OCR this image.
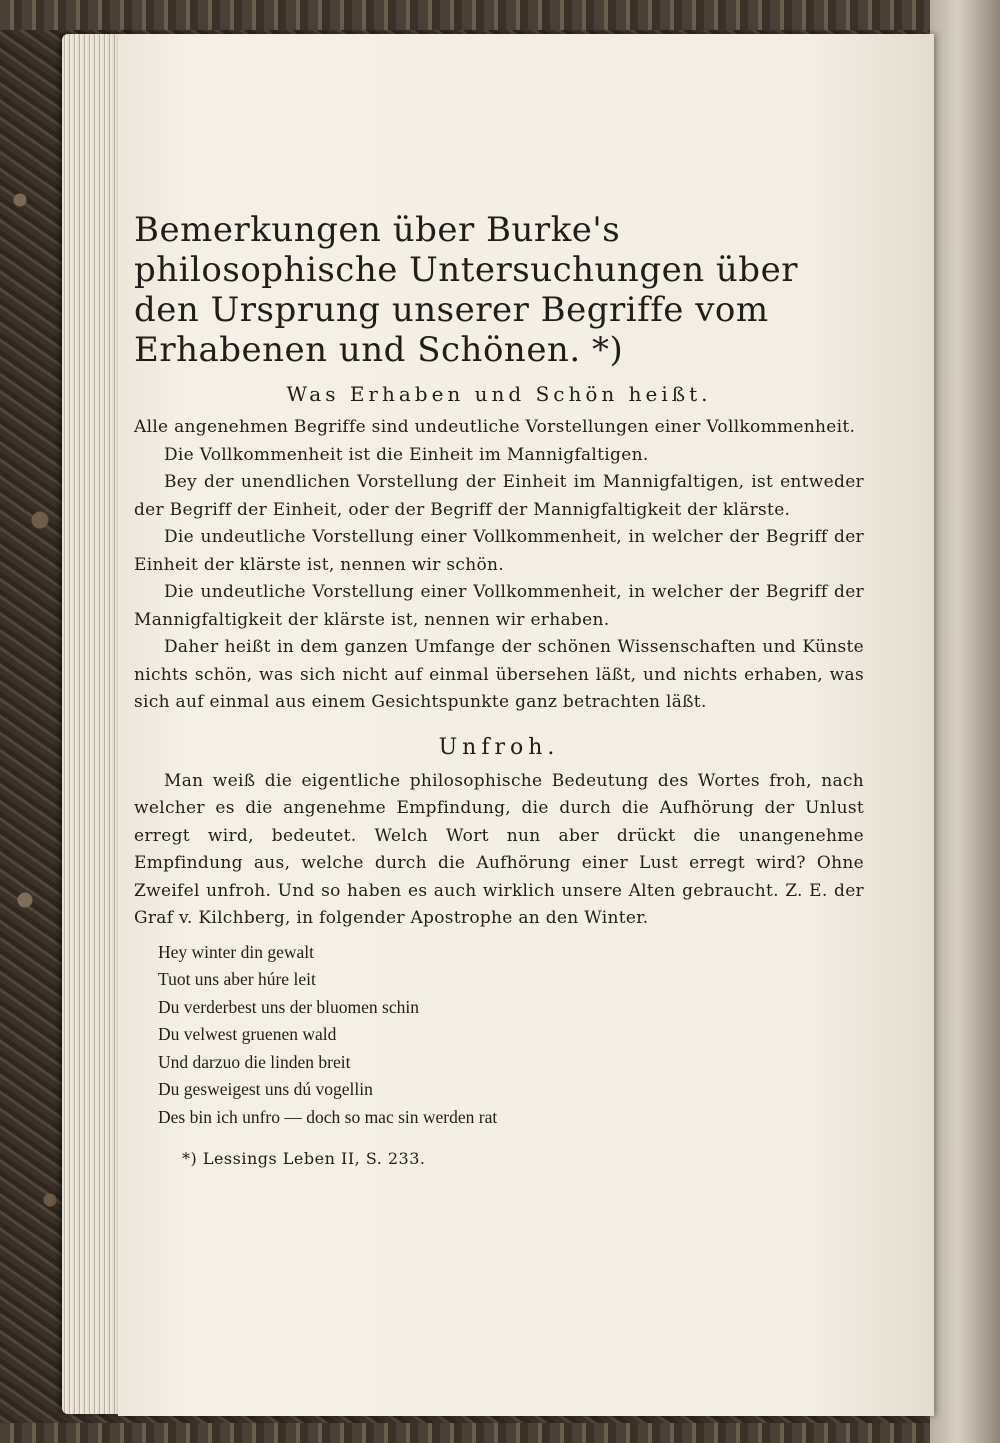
Bemerkungen über Burke's philosophische Untersuchungen über den Ursprung unserer Begriffe vom Erhabenen und Schönen. *)
Was Erhaben und Schön heißt.

Alle angenehmen Begriffe sind undeutliche Vorstellungen einer Vollkommenheit.

Die Vollkommenheit ist die Einheit im Mannigfaltigen.

Bey der unendlichen Vorstellung der Einheit im Mannigfaltigen, ist entweder der Begriff der Einheit, oder der Begriff der Mannigfaltigkeit der klärste.

Die undeutliche Vorstellung einer Vollkommenheit, in welcher der Begriff der Einheit der klärste ist, nennen wir schön.

Die undeutliche Vorstellung einer Vollkommenheit, in welcher der Begriff der Mannigfaltigkeit der klärste ist, nennen wir erhaben.

Daher heißt in dem ganzen Umfange der schönen Wissenschaften und Künste nichts schön, was sich nicht auf einmal übersehen läßt, und nichts erhaben, was sich auf einmal aus einem Gesichtspunkte ganz betrachten läßt.

Unfroh.

Man weiß die eigentliche philosophische Bedeutung des Wortes froh, nach welcher es die angenehme Empfindung, die durch die Aufhörung der Unlust erregt wird, bedeutet. Welch Wort nun aber drückt die unangenehme Empfindung aus, welche durch die Aufhörung einer Lust erregt wird? Ohne Zweifel unfroh. Und so haben es auch wirklich unsere Alten gebraucht. Z. E. der Graf v. Kilchberg, in folgender Apostrophe an den Winter.

Hey winter din gewalt
Tuot uns aber húre leit
Du verderbest uns der bluomen schin
Du velwest gruenen wald
Und darzuo die linden breit
Du gesweigest uns dú vogellin
Des bin ich unfro — doch so mac sin werden rat
*) Lessings Leben II, S. 233.
